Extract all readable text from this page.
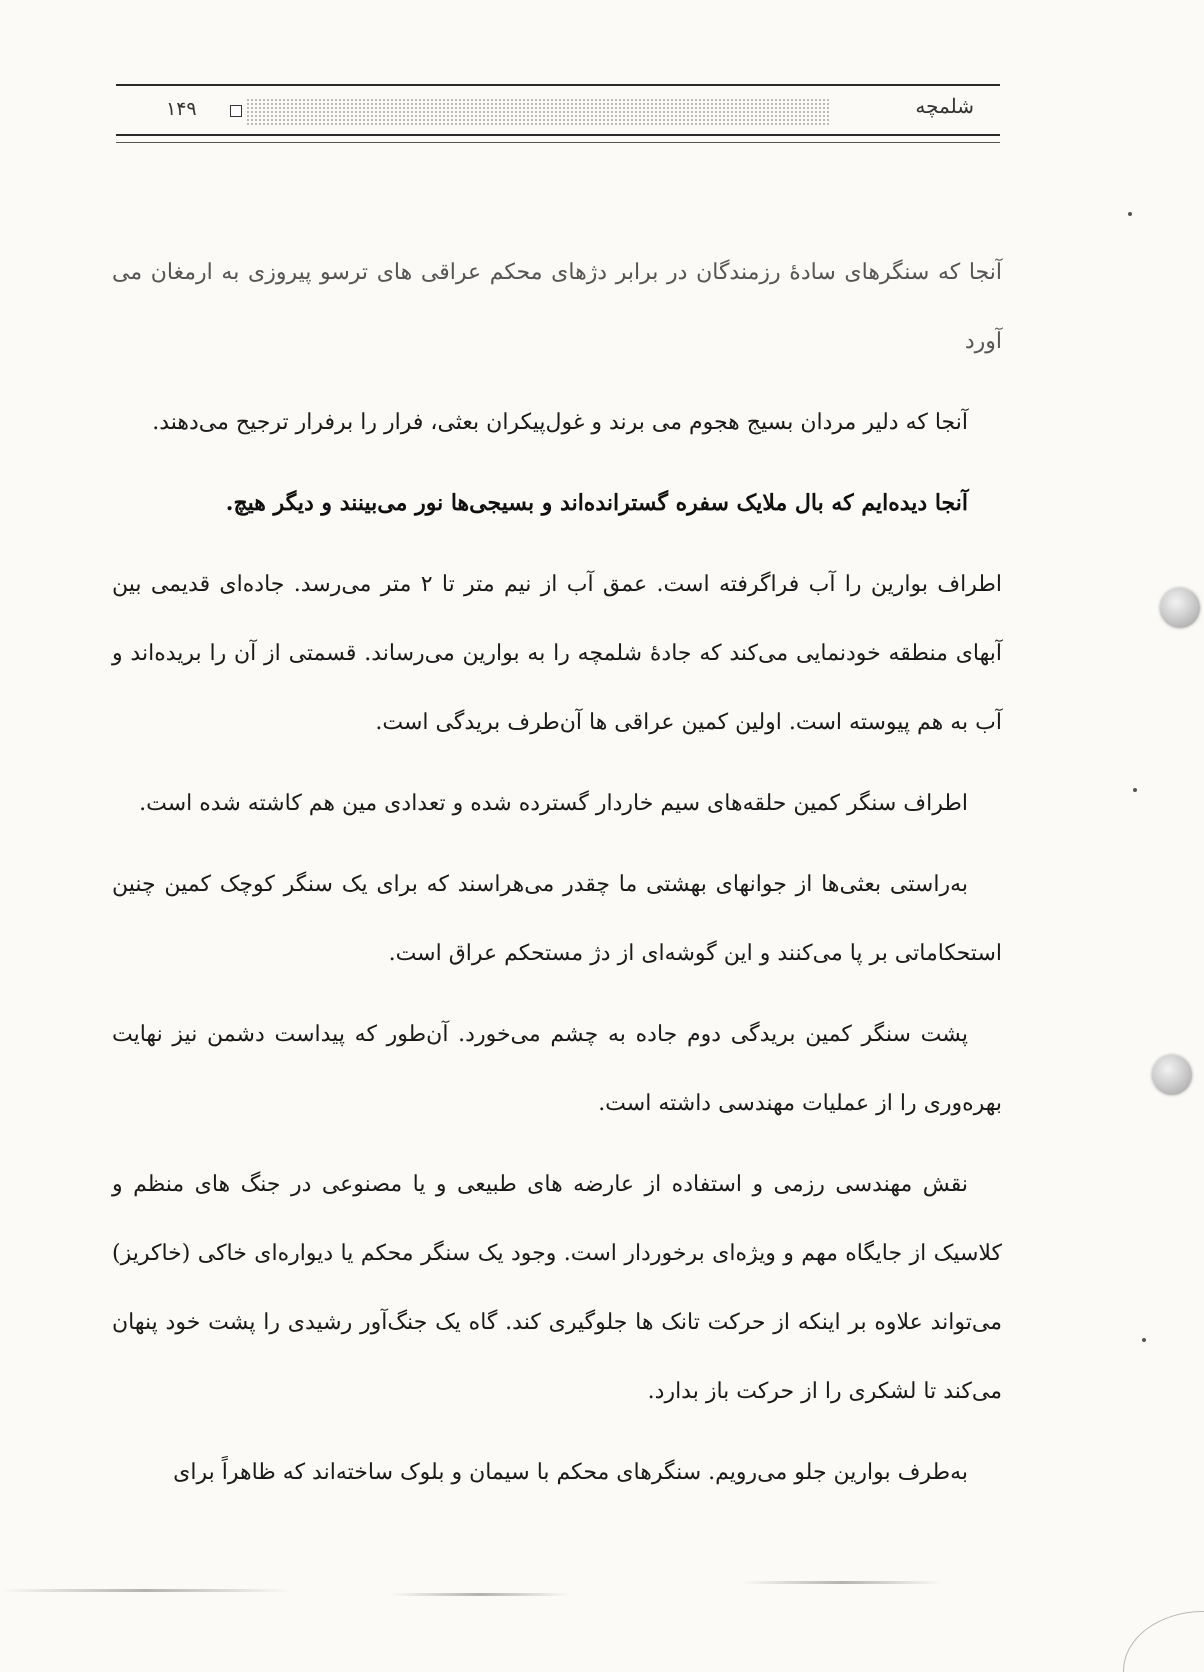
۱۴۹	شلمچه

آنجا که سنگرهای سادهٔ رزمندگان در برابر دژهای محکم عراقی های ترسو پیروزی به ارمغان می آورد

آنجا که دلیر مردان بسیج هجوم می برند و غول‌پیکران بعثی، فرار را برفرار ترجیح می‌دهند.

آنجا دیده‌ایم که بال ملایک سفره گسترانده‌اند و بسیجی‌ها نور می‌بینند و دیگر هیچ.

اطراف بوارین را آب فراگرفته است. عمق آب از نیم متر تا ۲ متر می‌رسد. جاده‌ای قدیمی بین آبهای منطقه خودنمایی می‌کند که جادهٔ شلمچه را به بوارین می‌رساند. قسمتی از آن را بریده‌اند و آب به هم پیوسته است. اولین کمین عراقی ها آن‌طرف بریدگی است.

اطراف سنگر کمین حلقه‌های سیم خاردار گسترده شده و تعدادی مین هم کاشته شده است.

به‌راستی بعثی‌ها از جوانهای بهشتی ما چقدر می‌هراسند که برای یک سنگر کوچک کمین چنین استحکاماتی بر پا می‌کنند و این گوشه‌ای از دژ مستحکم عراق است.

پشت سنگر کمین بریدگی دوم جاده به چشم می‌خورد. آن‌طور که پیداست دشمن نیز نهایت بهره‌وری را از عملیات مهندسی داشته است.

نقش مهندسی رزمی و استفاده از عارضه های طبیعی و یا مصنوعی در جنگ های منظم و کلاسیک از جایگاه مهم و ویژه‌ای برخوردار است. وجود یک سنگر محکم یا دیواره‌ای خاکی (خاکریز) می‌تواند علاوه بر اینکه از حرکت تانک ها جلوگیری کند. گاه یک جنگ‌آور رشیدی را پشت خود پنهان می‌کند تا لشکری را از حرکت باز بدارد.

به‌طرف بوارین جلو می‌رویم. سنگرهای محکم با سیمان و بلوک ساخته‌اند که ظاهراً برای
